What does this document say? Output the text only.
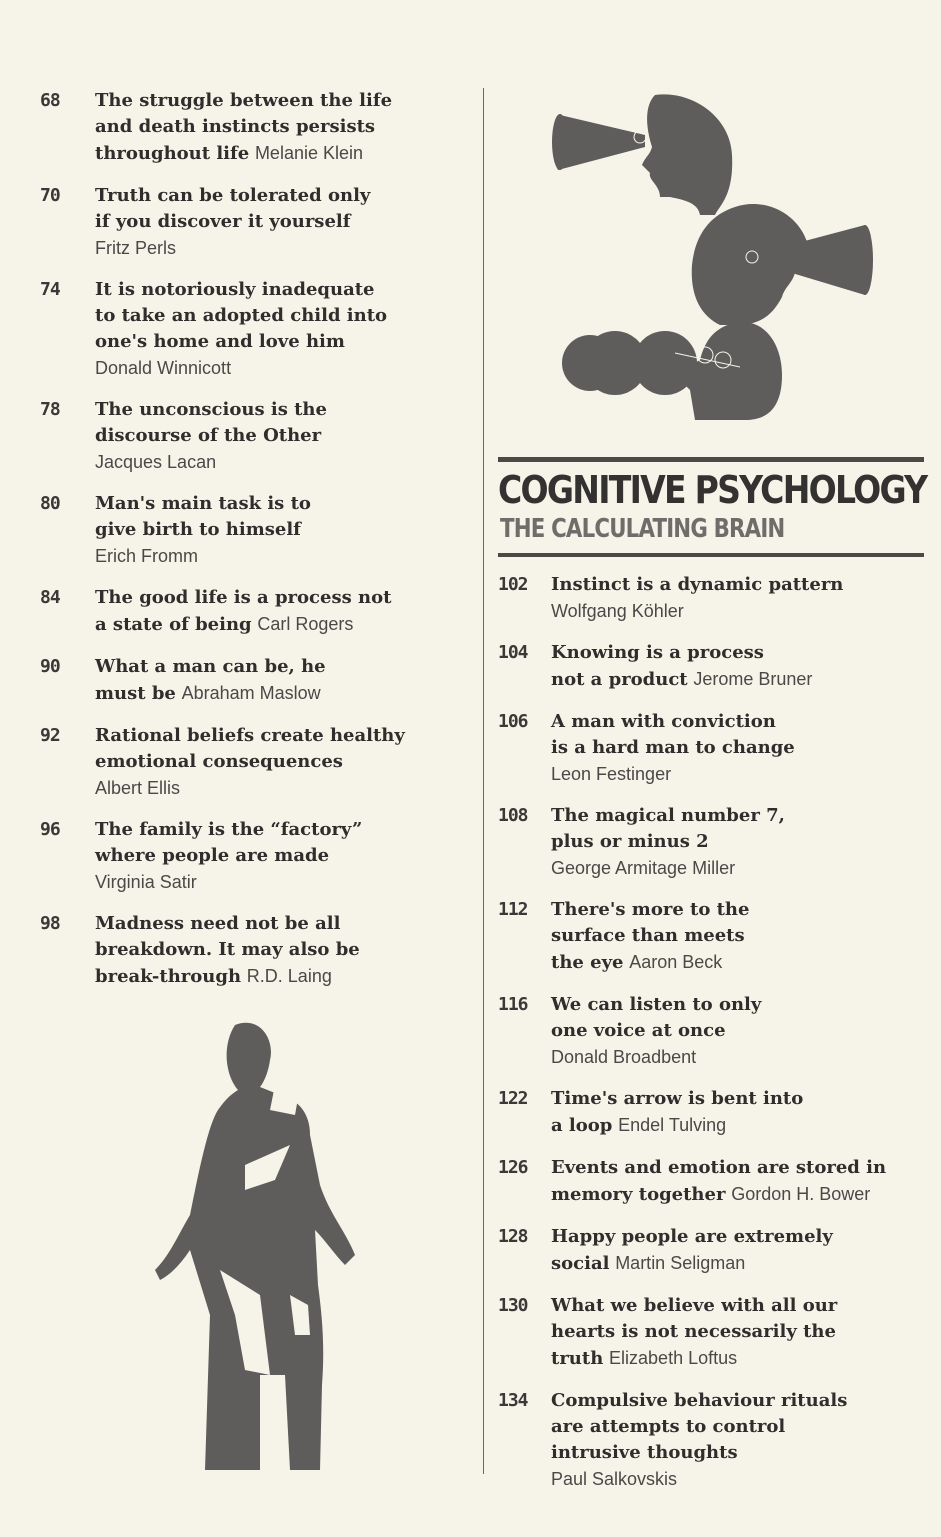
68	The struggle between the life
and death instincts persists
throughout life Melanie Klein
70	Truth can be tolerated only
if you discover it yourself
Fritz Perls
74	It is notoriously inadequate
to take an adopted child into
one's home and love him
Donald Winnicott
78	The unconscious is the
discourse of the Other
Jacques Lacan
80	Man's main task is to
give birth to himself
Erich Fromm
84	The good life is a process not
a state of being Carl Rogers
90	What a man can be, he
must be Abraham Maslow
92	Rational beliefs create healthy
emotional consequences
Albert Ellis
96	The family is the “factory”
where people are made
Virginia Satir
98	Madness need not be all
breakdown. It may also be
break-through R.D. Laing
COGNITIVE PSYCHOLOGY
THE CALCULATING BRAIN
102	Instinct is a dynamic pattern
Wolfgang Köhler
104	Knowing is a process
not a product Jerome Bruner
106	A man with conviction
is a hard man to change
Leon Festinger
108	The magical number 7,
plus or minus 2
George Armitage Miller
112	There's more to the
surface than meets
the eye Aaron Beck
116	We can listen to only
one voice at once
Donald Broadbent
122	Time's arrow is bent into
a loop Endel Tulving
126	Events and emotion are stored in
memory together Gordon H. Bower
128	Happy people are extremely
social Martin Seligman
130	What we believe with all our
hearts is not necessarily the
truth Elizabeth Loftus
134	Compulsive behaviour rituals
are attempts to control
intrusive thoughts
Paul Salkovskis
